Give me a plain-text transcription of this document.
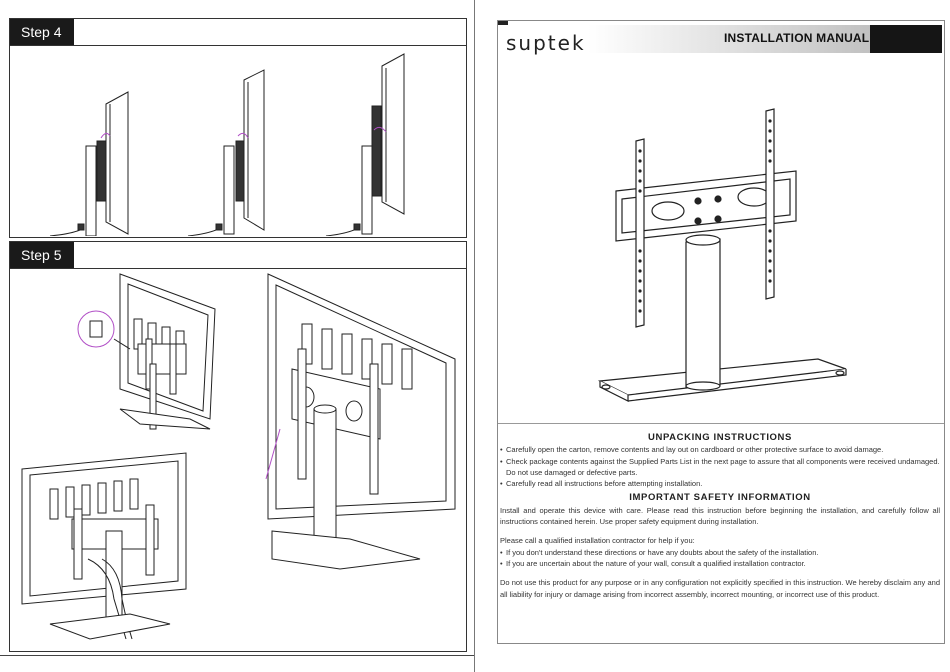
Step 4
Step 5
suptek	INSTALLATION MANUAL
UNPACKING INSTRUCTIONS
• Carefully open the carton, remove contents and lay out on cardboard or other protective surface to avoid damage.
• Check package contents against the Supplied Parts List in the next page to assure that all components were received undamaged. Do not use damaged or defective parts.
• Carefully read all instructions before attempting installation.
IMPORTANT SAFETY INFORMATION
Install and operate this device with care. Please read this instruction before beginning the installation, and carefully follow all instructions contained herein. Use proper safety equipment during installation.
Please call a qualified installation contractor for help if you:
• If you don't understand these directions or have any doubts about the safety of the installation.
• If you are uncertain about the nature of your wall, consult a qualified installation contractor.
Do not use this product for any purpose or in any configuration not explicitly specified in this instruction. We hereby disclaim any and all liability for injury or damage arising from incorrect assembly, incorrect mounting, or incorrect use of this product.
